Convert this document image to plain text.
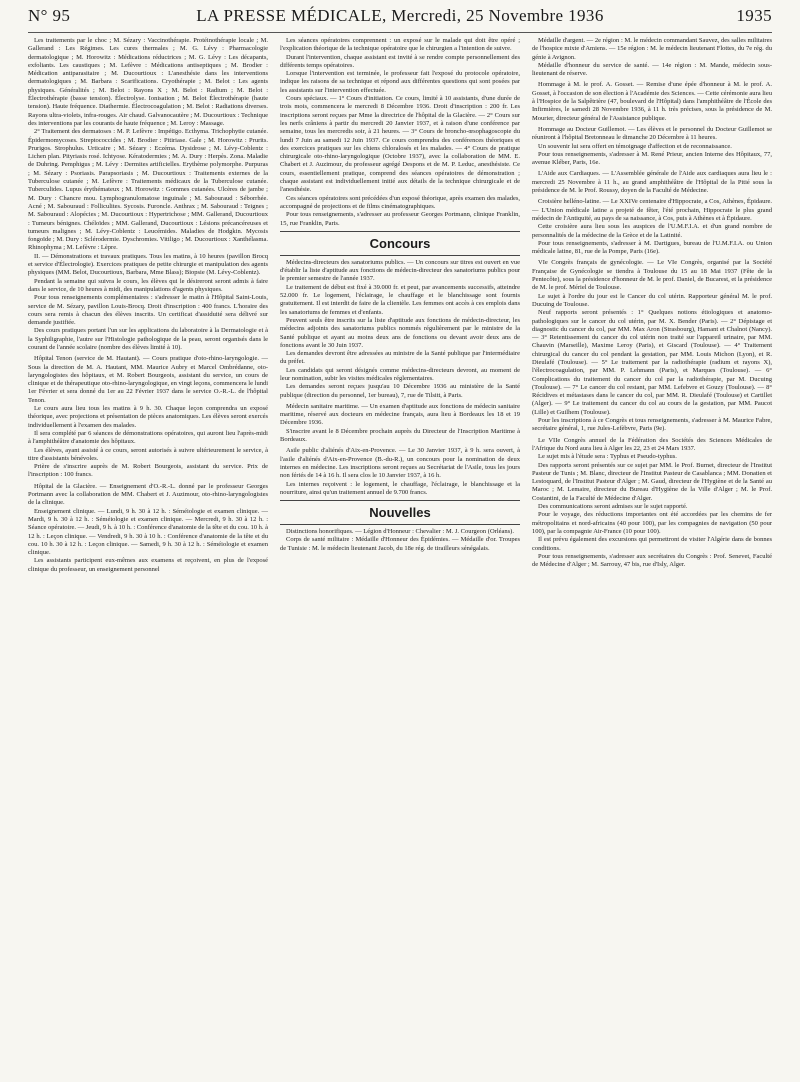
N° 95	LA PRESSE MÉDICALE, Mercredi, 25 Novembre 1936	1935

Les traitements par le choc ; M. Sézary : Vaccinothérapie. Protéinothérapie locale ; M. Gallerand : Les Régimes. Les cures thermales ; M. G. Lévy : Pharmacologie dermatologique ; M. Horowitz : Médications réductrices ; M. G. Lévy : Les décapants, exfoliants. Les caustiques ; M. Lefèvre : Médications antiseptiques ; M. Brodier : Médication antiparasitaire ; M. Ducourtioux : L'anesthésie dans les interventions dermatologiques ; M. Barbara : Scarifications. Cryothérapie ; M. Belot : Les agents physiques. Généralités ; M. Belot : Rayons X ; M. Belot : Radium ; M. Belot : Électrothérapie (basse tension). Électrolyse. Ionisation ; M. Belot Électrothérapie (haute tension). Haute fréquence. Diathermie. Électrocoagulation ; M. Belot : Radiations diverses. Rayons ultra-violets, infra-rouges. Air chaud. Galvanocautère ; M. Ducourtioux : Technique des interventions par les courants de haute fréquence ; M. Leroy : Massage.

2° Traitement des dermatoses : M. P. Lefèvre : Impétigo. Ecthyma. Trichophytie cutanée. Épidermomycoses. Streptococcides ; M. Brodier : Pitiriase. Gale ; M. Horowitz : Prurits. Prurigos. Strophulus. Urticaire ; M. Sézary : Eczéma. Dysidrose ; M. Lévy-Coblentz : Lichen plan. Pityriasis rosé. Ichtyose. Kératodermies ; M. A. Dury : Herpès. Zona. Maladie de Duhring. Pemphigus ; M. Lévy : Dermites artificielles. Erythème polymorphe. Purpuras ; M. Sézary : Psoriasis. Parapsoriasis ; M. Ducourtioux : Traitements externes de la Tuberculose cutanée ; M. Lefèvre : Traitements médicaux de la Tuberculose cutanée. Tuberculides. Lupus érythémateux ; M. Horowitz : Gommes cutanées. Ulcères de jambe ; M. Dury : Chancre mou. Lymphogranulomatose inguinale ; M. Sabouraud : Séborrhée. Acné ; M. Sabouraud : Folliculites. Sycosis. Furoncle. Anthrax ; M. Sabouraud : Teignes ; M. Sabouraud : Alopécies ; M. Ducourtioux : Hypertrichose ; MM. Gallerand, Ducourtioux : Tumeurs bénignes. Chéloïdes ; MM. Gallerand, Ducourtioux : Lésions précancéreuses et tumeurs malignes ; M. Lévy-Coblentz : Leucémides. Maladies de Hodgkin. Mycosis fongoïde ; M. Dury : Sclérodermie. Dyschromies. Vitiligo ; M. Ducourtioux : Xanthélasma. Rhinophyma ; M. Lefèvre : Lèpre.

II. — Démonstrations et travaux pratiques. Tous les matins, à 10 heures (pavillon Brocq et service d'Électrologie). Exercices pratiques de petite chirurgie et manipulation des agents physiques (MM. Belot, Ducourtioux, Barbara, Mme Blass); Biopsie (M. Lévy-Coblentz).

Pendant la semaine qui suivra le cours, les élèves qui le désireront seront admis à faire dans le service, de 10 heures à midi, des manipulations d'agents physiques.

Pour tous renseignements complémentaires : s'adresser le matin à l'Hôpital Saint-Louis, service de M. Sézary, pavillon Louis-Brocq. Droit d'inscription : 400 francs. L'horaire des cours sera remis à chacun des élèves inscrits. Un certificat d'assiduité sera délivré sur demande justifiée.

Des cours pratiques portant l'un sur les applications du laboratoire à la Dermatologie et à la Syphiligraphie, l'autre sur l'Histologie pathologique de la peau, seront organisés dans le courant de l'année scolaire (nombre des élèves limité à 10).

Hôpital Tenon (service de M. Hautant). — Cours pratique d'oto-rhino-laryngologie. — Sous la direction de M. A. Hautant, MM. Maurice Aubry et Marcel Ombrédanne, oto-laryngologistes des hôpitaux, et M. Robert Bourgeois, assistant du service, un cours de clinique et de thérapeutique oto-rhino-laryngologique, en vingt leçons, commencera le lundi 1er Février et sera donné du 1er au 22 Février 1937 dans le service O.-R.-L. de l'hôpital Tenon.

Le cours aura lieu tous les matins à 9 h. 30. Chaque leçon comprendra un exposé théorique, avec projections et présentation de pièces anatomiques. Les élèves seront exercés individuellement à l'examen des malades.

Il sera complété par 6 séances de démonstrations opératoires, qui auront lieu l'après-midi à l'amphithéâtre d'anatomie des hôpitaux.

Les élèves, ayant assisté à ce cours, seront autorisés à suivre ultérieurement le service, à titre d'assistants bénévoles.

Prière de s'inscrire auprès de M. Robert Bourgeois, assistant du service. Prix de l'inscription : 100 francs.

Hôpital de la Glacière. — Enseignement d'O.-R.-L. donné par le professeur Georges Portmann avec la collaboration de MM. Chabert et J. Auzimour, oto-rhino-laryngologistes de la clinique.

Enseignement clinique. — Lundi, 9 h. 30 à 12 h. : Séméiologie et examen clinique. — Mardi, 9 h. 30 à 12 h. : Séméiologie et examen clinique. — Mercredi, 9 h. 30 à 12 h. : Séance opératoire. — Jeudi, 9 h. à 10 h. : Conférence d'anatomie de la tête et du cou. 10 h. à 12 h. : Leçon clinique. — Vendredi, 9 h. 30 à 10 h. : Conférence d'anatomie de la tête et du cou. 10 h. 30 à 12 h. : Leçon clinique. — Samedi, 9 h. 30 à 12 h. : Séméiologie et examen clinique.

Les assistants participent eux-mêmes aux examens et reçoivent, en plus de l'exposé clinique du professeur, un enseignement personnel

Les séances opératoires comprennent : un exposé sur le malade qui doit être opéré ; l'explication théorique de la technique opératoire que le chirurgien a l'intention de suivre.

Durant l'intervention, chaque assistant est invité à se rendre compte personnellement des différents temps opératoires.

Lorsque l'intervention est terminée, le professeur fait l'exposé du protocole opératoire, indique les raisons de sa technique et répond aux différentes questions qui sont posées par les assistants sur l'intervention effectuée.

Cours spéciaux. — 1° Cours d'initiation. Ce cours, limité à 10 assistants, d'une durée de trois mois, commencera le mercredi 8 Décembre 1936. Droit d'inscription : 200 fr. Les inscriptions seront reçues par Mme la directrice de l'hôpital de la Glacière. — 2° Cours sur les nerfs crâniens à partir du mercredi 20 Janvier 1937, et à raison d'une conférence par semaine, tous les mercredis soir, à 21 heures. — 3° Cours de broncho-œsophagoscopie du lundi 7 Juin au samedi 12 Juin 1937. Ce cours comprendra des conférences théoriques et des exercices pratiques sur les chiens chloralosés et les malades. — 4° Cours de pratique chirurgicale oto-rhino-laryngologique (Octobre 1937), avec la collaboration de MM. E. Chabert et J. Auzimour, du professeur agrégé Despons et de M. P. Leduc, anesthésiste. Ce cours, essentiellement pratique, comprend des séances opératoires de démonstration ; chaque assistant est individuellement initié aux détails de la technique chirurgicale et de l'anesthésie.

Ces séances opératoires sont précédées d'un exposé théorique, après examen des malades, accompagné de projections et de films cinématographiques.

Pour tous renseignements, s'adresser au professeur Georges Portmann, clinique Franklin, 15, rue Franklin, Paris.

Concours

Médecins-directeurs des sanatoriums publics. — Un concours sur titres est ouvert en vue d'établir la liste d'aptitude aux fonctions de médecin-directeur des sanatoriums publics pour le premier semestre de l'année 1937.

Le traitement de début est fixé à 39.000 fr. et peut, par avancements successifs, atteindre 52.000 fr. Le logement, l'éclairage, le chauffage et le blanchissage sont fournis gratuitement. Il est interdit de faire de la clientèle. Les femmes ont accès à ces emplois dans les sanatoriums de femmes et d'enfants.

Peuvent seuls être inscrits sur la liste d'aptitude aux fonctions de médecin-directeur, les médecins adjoints des sanatoriums publics nommés régulièrement par le ministre de la Santé publique et ayant au moins deux ans de fonctions ou devant avoir deux ans de fonctions avant le 30 Juin 1937.

Les demandes devront être adressées au ministre de la Santé publique par l'intermédiaire du préfet.

Les candidats qui seront désignés comme médecins-directeurs devront, au moment de leur nomination, subir les visites médicales réglementaires.

Les demandes seront reçues jusqu'au 10 Décembre 1936 au ministère de la Santé publique (direction du personnel, 1er bureau), 7, rue de Tilsitt, à Paris.

Médecin sanitaire maritime. — Un examen d'aptitude aux fonctions de médecin sanitaire maritime, réservé aux docteurs en médecine français, aura lieu à Bordeaux les 18 et 19 Décembre 1936.

S'inscrire avant le 8 Décembre prochain auprès du Directeur de l'Inscription Maritime à Bordeaux.

Asile public d'aliénés d'Aix-en-Provence. — Le 30 Janvier 1937, à 9 h. sera ouvert, à l'asile d'aliénés d'Aix-en-Provence (B.-du-R.), un concours pour la nomination de deux internes en médecine. Les inscriptions seront reçues au Secrétariat de l'Asile, tous les jours non fériés de 14 à 16 h. Il sera clos le 10 Janvier 1937, à 16 h.

Les internes reçoivent : le logement, le chauffage, l'éclairage, le blanchissage et la nourriture, ainsi qu'un traitement annuel de 9.700 francs.

Nouvelles

Distinctions honorifiques. — Légion d'Honneur : Chevalier : M. J. Courgeon (Orléans).

Corps de santé militaire : Médaille d'Honneur des Épidémies. — Médaille d'or. Troupes de Tunisie : M. le médecin lieutenant Jacob, du 18e rég. de tirailleurs sénégalais.

Médaille d'argent. — 2e région : M. le médecin commandant Sauvez, des salles militaires de l'hospice mixte d'Amiens. — 15e région : M. le médecin lieutenant Flottes, du 7e rég. du génie à Avignon.

Médaille d'honneur du service de santé. — 14e région : M. Mande, médecin sous-lieutenant de réserve.

Hommage à M. le prof. A. Gosset. — Remise d'une épée d'honneur à M. le prof. A. Gosset, à l'occasion de son élection à l'Académie des Sciences. — Cette cérémonie aura lieu à l'Hospice de la Salpêtrière (47, boulevard de l'Hôpital) dans l'amphithéâtre de l'École des Infirmières, le samedi 28 Novembre 1936, à 11 h. très précises, sous la présidence de M. Mourier, directeur général de l'Assistance publique.

Hommage au Docteur Guillemot. — Les élèves et le personnel du Docteur Guillemot se réuniront à l'hôpital Bretonneau le dimanche 20 Décembre à 11 heures.

Un souvenir lui sera offert en témoignage d'affection et de reconnaissance.

Pour tous renseignements, s'adresser à M. René Prieur, ancien Interne des Hôpitaux, 77, avenue Kléber, Paris, 16e.

L'Aide aux Cardiaques. — L'Assemblée générale de l'Aide aux cardiaques aura lieu le : mercredi 25 Novembre à 11 h., au grand amphithéâtre de l'Hôpital de la Pitié sous la présidence de M. le Prof. Roussy, doyen de la Faculté de Médecine.

Croisière helléno-latine. — Le XXIVe centenaire d'Hippocrate, a Cos, Athènes, Épidaure. — L'Union médicale latine a projeté de fêter, l'été prochain, Hippocrate le plus grand médecin de l'Antiquité, au pays de sa naissance, à Cos, puis à Athènes et à Épidaure.

Cette croisière aura lieu sous les auspices de l'U.M.F.I.A. et d'un grand nombre de personnalités de la médecine de la Grèce et de la Latinité.

Pour tous renseignements, s'adresser à M. Dartigues, bureau de l'U.M.F.I.A. ou Union médicale latine, 81, rue de la Pompe, Paris (16e).

VIe Congrès français de gynécologie. — Le VIe Congrès, organisé par la Société Française de Gynécologie se tiendra à Toulouse du 15 au 18 Mai 1937 (Fête de la Pentecôte), sous la présidence d'honneur de M. le prof. Daniel, de Bucarest, et la présidence de M. le prof. Mériel de Toulouse.

Le sujet à l'ordre du jour est le Cancer du col utérin. Rapporteur général M. le prof. Ducuing de Toulouse.

Neuf rapports seront présentés : 1° Quelques notions étiologiques et anatomo-pathologiques sur le cancer du col utérin, par M. X. Bender (Paris). — 2° Dépistage et diagnostic du cancer du col, par MM. Max Aron (Strasbourg), Hamant et Chalnot (Nancy). — 3° Retentissement du cancer du col utérin non traité sur l'appareil urinaire, par MM. Chauvin (Marseille), Maxime Leroy (Paris), et Giscard (Toulouse). — 4° Traitement chirurgical du cancer du col pendant la gestation, par MM. Louis Michon (Lyon), et R. Dieulafé (Toulouse). — 5° Le traitement par la radiothérapie (radium et rayons X), l'électrocoagulation, par MM. P. Lehmann (Paris), et Marques (Toulouse). — 6° Complications du traitement du cancer du col par la radiothérapie, par M. Ducuing (Toulouse). — 7° Le cancer du col restant, par MM. Lefebvre et Gouzy (Toulouse). — 8° Récidives et métastases dans le cancer du col, par MM. R. Dieulafé (Toulouse) et Cartillet (Alger). — 9° Le traitement du cancer du col au cours de la gestation, par MM. Paucot (Lille) et Guilhem (Toulouse).

Pour les inscriptions à ce Congrès et tous renseignements, s'adresser à M. Maurice Fabre, secrétaire général, 1, rue Jules-Lefèbvre, Paris (9e).

Le VIIe Congrès annuel de la Fédération des Sociétés des Sciences Médicales de l'Afrique du Nord aura lieu à Alger les 22, 23 et 24 Mars 1937.

Le sujet mis à l'étude sera : Typhus et Pseudo-typhus.

Des rapports seront présentés sur ce sujet par MM. le Prof. Burnet, directeur de l'Institut Pasteur de Tunis ; M. Blanc, directeur de l'Institut Pasteur de Casablanca ; MM. Donatien et Lestoquard, de l'Institut Pasteur d'Alger ; M. Gaud, directeur de l'Hygiène et de la Santé au Maroc ; M. Lemaire, directeur du Bureau d'Hygiène de la Ville d'Alger ; M. le Prof. Costantini, de la Faculté de Médecine d'Alger.

Des communications seront admises sur le sujet rapporté.

Pour le voyage, des réductions importantes ont été accordées par les chemins de fer métropolitains et nord-africains (40 pour 100), par les compagnies de navigation (50 pour 100), par la compagnie Air-France (10 pour 100).

Il est prévu également des excursions qui permettront de visiter l'Algérie dans de bonnes conditions.

Pour tous renseignements, s'adresser aux secrétaires du Congrès : Prof. Senevet, Faculté de Médecine d'Alger ; M. Sarrouy, 47 bis, rue d'Isly, Alger.
